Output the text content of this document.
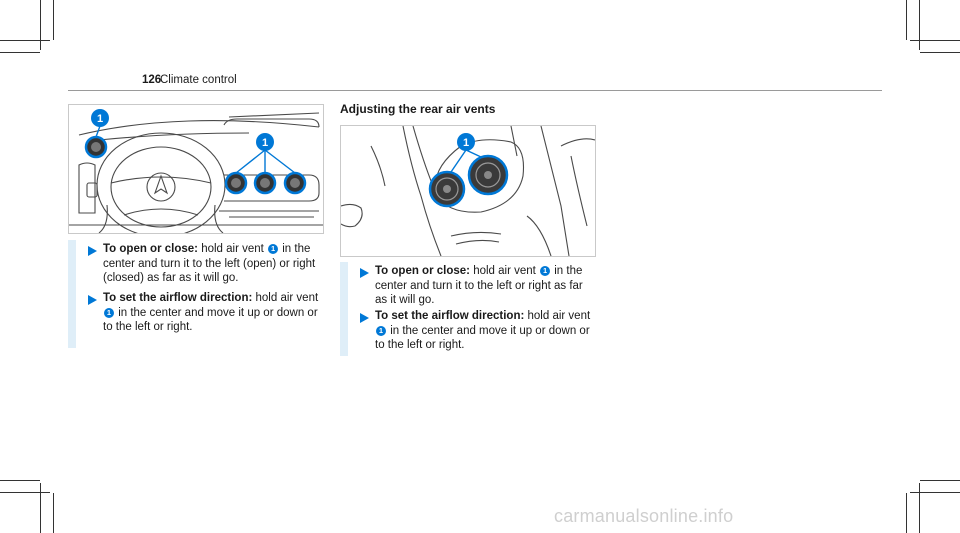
126
Climate control
1
1
To open or close: hold air vent 1 in the center and turn it to the left (open) or right (closed) as far as it will go.
To set the airflow direction: hold air vent 1 in the center and move it up or down or to the left or right.
Adjusting the rear air vents
1
To open or close: hold air vent 1 in the center and turn it to the left or right as far as it will go.
To set the airflow direction: hold air vent 1 in the center and move it up or down or to the left or right.
carmanualsonline.info
